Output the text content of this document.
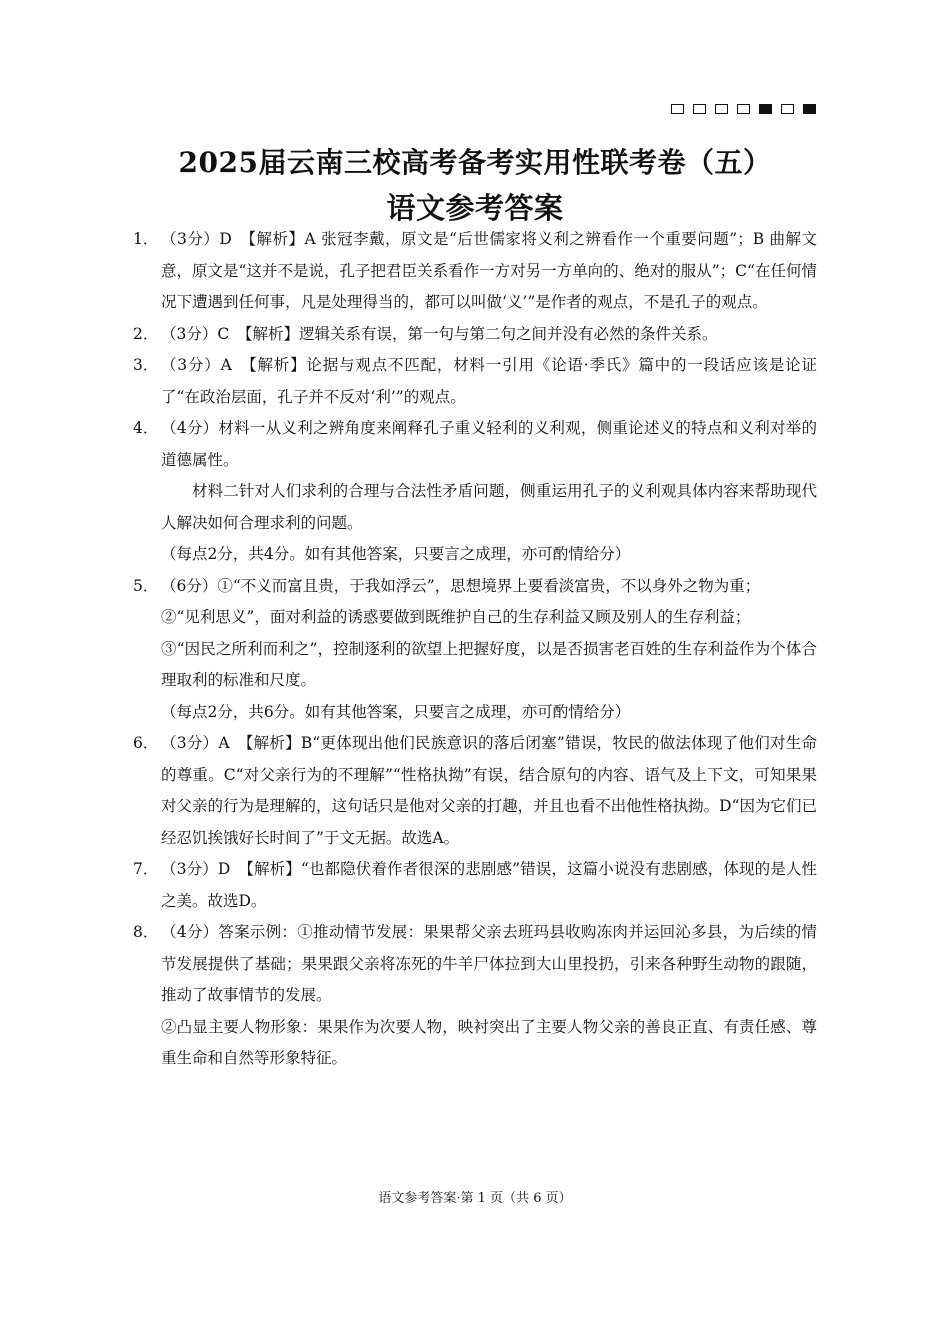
2025届云南三校高考备考实用性联考卷（五）
语文参考答案
1． （3分）D　【解析】A 张冠李戴，原文是“后世儒家将义利之辨看作一个重要问题”；B 曲解文意，原文是“这并不是说，孔子把君臣关系看作一方对另一方单向的、绝对的服从”；C“在任何情况下遭遇到任何事，凡是处理得当的，都可以叫做‘义’”是作者的观点，不是孔子的观点。

2． （3分）C　【解析】逻辑关系有误，第一句与第二句之间并没有必然的条件关系。

3． （3分）A　【解析】论据与观点不匹配，材料一引用《论语·季氏》篇中的一段话应该是论证了“在政治层面，孔子并不反对‘利’”的观点。

4． （4分）材料一从义利之辨角度来阐释孔子重义轻利的义利观，侧重论述义的特点和义利对举的道德属性。

材料二针对人们求利的合理与合法性矛盾问题，侧重运用孔子的义利观具体内容来帮助现代人解决如何合理求利的问题。

（每点2分，共4分。如有其他答案，只要言之成理，亦可酌情给分）

5． （6分）①“不义而富且贵，于我如浮云”，思想境界上要看淡富贵，不以身外之物为重；

②“见利思义”，面对利益的诱惑要做到既维护自己的生存利益又顾及别人的生存利益；

③“因民之所利而利之”，控制逐利的欲望上把握好度，以是否损害老百姓的生存利益作为个体合理取利的标准和尺度。

（每点2分，共6分。如有其他答案，只要言之成理，亦可酌情给分）

6． （3分）A　【解析】B“更体现出他们民族意识的落后闭塞”错误，牧民的做法体现了他们对生命的尊重。C“对父亲行为的不理解”“性格执拗”有误，结合原句的内容、语气及上下文，可知果果对父亲的行为是理解的，这句话只是他对父亲的打趣，并且也看不出他性格执拗。D“因为它们已经忍饥挨饿好长时间了”于文无据。故选A。

7． （3分）D　【解析】“也都隐伏着作者很深的悲剧感”错误，这篇小说没有悲剧感，体现的是人性之美。故选D。

8． （4分）答案示例：①推动情节发展：果果帮父亲去班玛县收购冻肉并运回沁多县，为后续的情节发展提供了基础；果果跟父亲将冻死的牛羊尸体拉到大山里投扔，引来各种野生动物的跟随，推动了故事情节的发展。

②凸显主要人物形象：果果作为次要人物，映衬突出了主要人物父亲的善良正直、有责任感、尊重生命和自然等形象特征。

语文参考答案·第 1 页（共 6 页）
